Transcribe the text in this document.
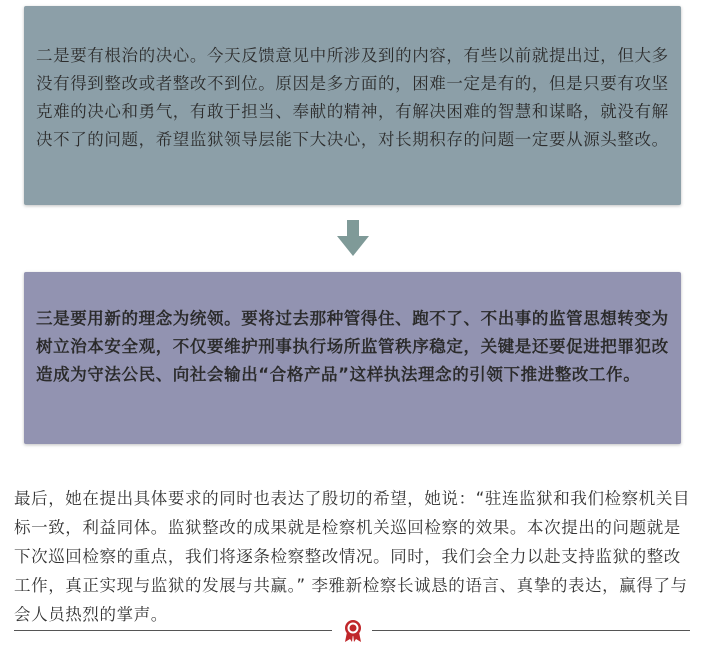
二是要有根治的决心。今天反馈意见中所涉及到的内容，有些以前就提出过，但大多没有得到整改或者整改不到位。原因是多方面的，困难一定是有的，但是只要有攻坚克难的决心和勇气，有敢于担当、奉献的精神，有解决困难的智慧和谋略，就没有解决不了的问题，希望监狱领导层能下大决心，对长期积存的问题一定要从源头整改。
三是要用新的理念为统领。要将过去那种管得住、跑不了、不出事的监管思想转变为树立治本安全观，不仅要维护刑事执行场所监管秩序稳定，关键是还要促进把罪犯改造成为守法公民、向社会输出“合格产品”这样执法理念的引领下推进整改工作。
最后，她在提出具体要求的同时也表达了殷切的希望，她说：“驻连监狱和我们检察机关目标一致，利益同体。监狱整改的成果就是检察机关巡回检察的效果。本次提出的问题就是下次巡回检察的重点，我们将逐条检察整改情况。同时，我们会全力以赴支持监狱的整改工作，真正实现与监狱的发展与共赢。” 李雅新检察长诚恳的语言、真挚的表达，赢得了与会人员热烈的掌声。
